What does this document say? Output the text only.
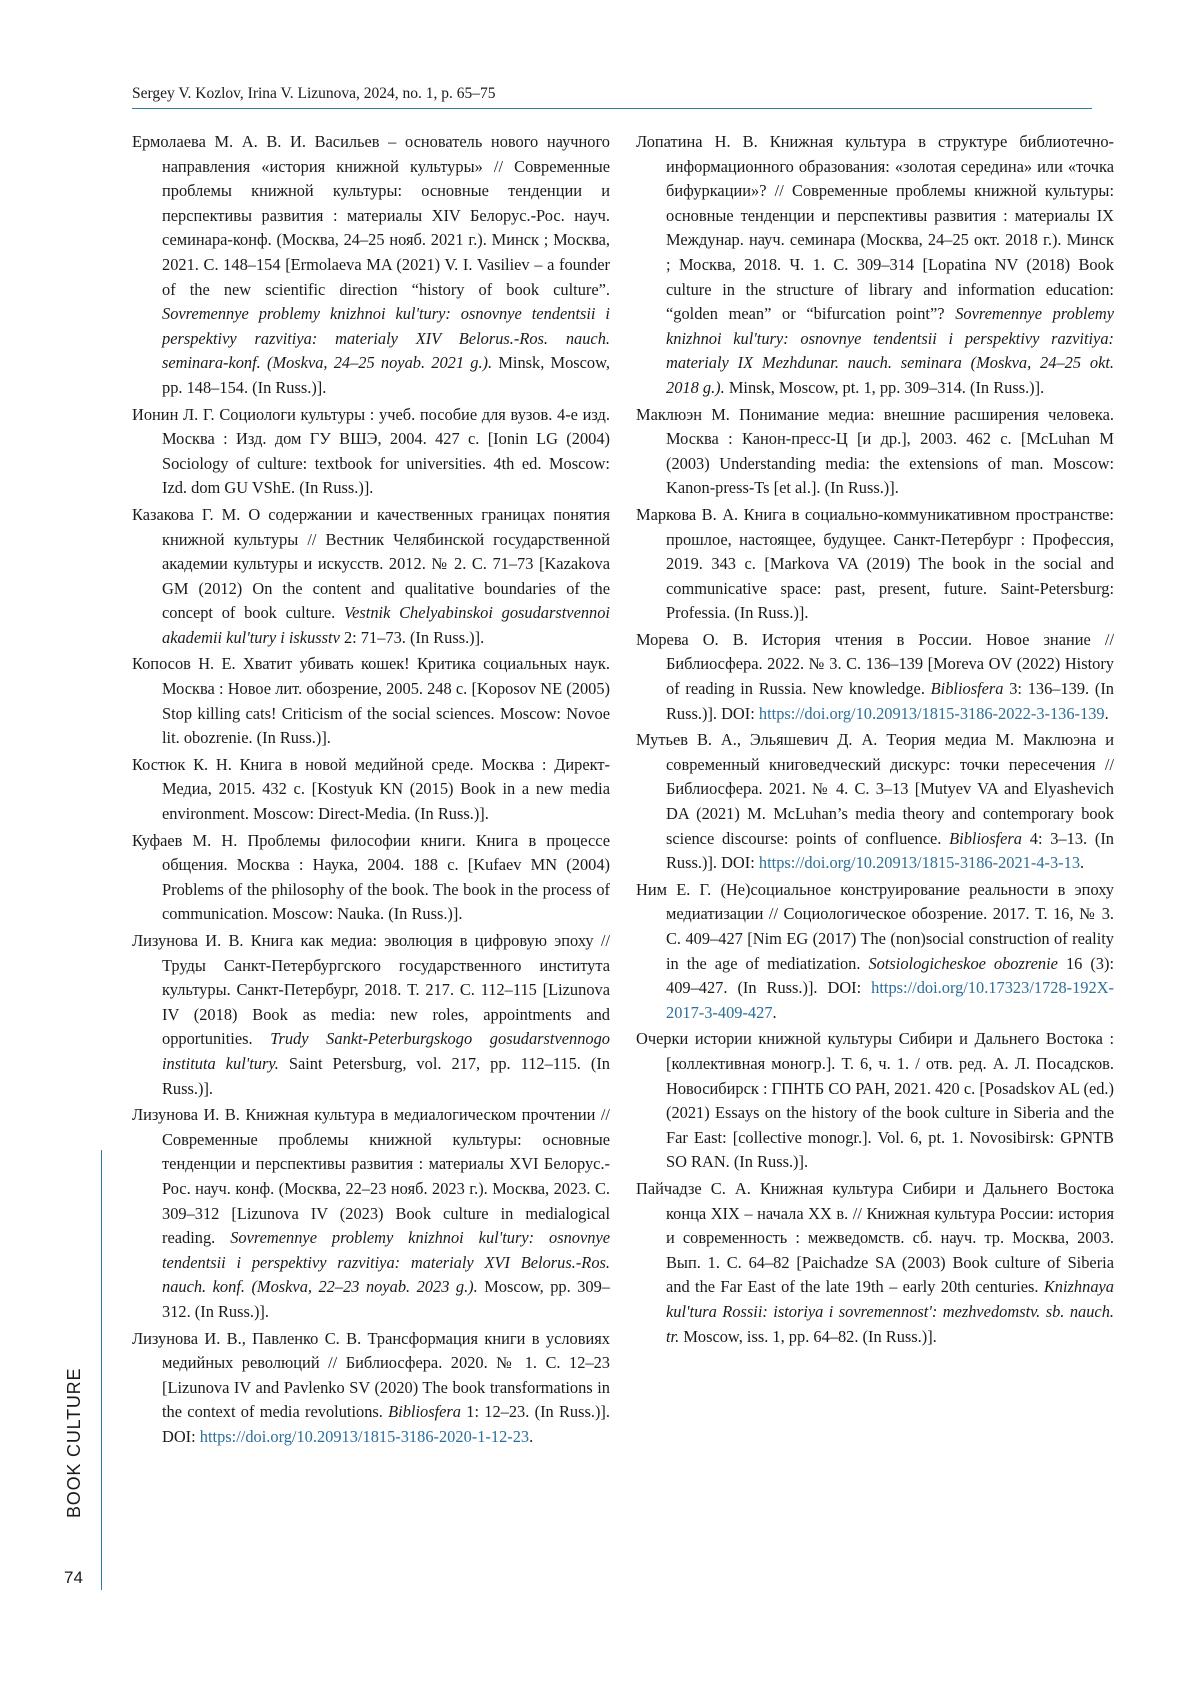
Sergey V. Kozlov, Irina V. Lizunova, 2024, no. 1, p. 65–75

Ермолаева М. А. В. И. Васильев – основатель нового научного направления «история книжной культуры» // Современные проблемы книжной культуры: основные тенденции и перспективы развития : материалы XIV Белорус.-Рос. науч. семинара-конф. (Москва, 24–25 нояб. 2021 г.). Минск ; Москва, 2021. С. 148–154 [Ermolaeva MA (2021) V. I. Vasiliev – a founder of the new scientific direction “history of book culture”. Sovremennye problemy knizhnoi kul'tury: osnovnye tendentsii i perspektivy razvitiya: materialy XIV Belorus.-Ros. nauch. seminara-konf. (Moskva, 24–25 noyab. 2021 g.). Minsk, Moscow, pp. 148–154. (In Russ.)].

Ионин Л. Г. Социологи культуры : учеб. пособие для вузов. 4-е изд. Москва : Изд. дом ГУ ВШЭ, 2004. 427 с. [Ionin LG (2004) Sociology of culture: textbook for universities. 4th ed. Moscow: Izd. dom GU VShE. (In Russ.)].

Казакова Г. М. О содержании и качественных границах понятия книжной культуры // Вестник Челябинской государственной академии культуры и искусств. 2012. № 2. С. 71–73 [Kazakova GM (2012) On the content and qualitative boundaries of the concept of book culture. Vestnik Chelyabinskoi gosudarstvennoi akademii kul'tury i iskusstv 2: 71–73. (In Russ.)].

Копосов Н. Е. Хватит убивать кошек! Критика социальных наук. Москва : Новое лит. обозрение, 2005. 248 с. [Koposov NE (2005) Stop killing cats! Criticism of the social sciences. Moscow: Novoe lit. obozrenie. (In Russ.)].

Костюк К. Н. Книга в новой медийной среде. Москва : Директ-Медиа, 2015. 432 с. [Kostyuk KN (2015) Book in a new media environment. Moscow: Direct-Media. (In Russ.)].

Куфаев М. Н. Проблемы философии книги. Книга в процессе общения. Москва : Наука, 2004. 188 с. [Kufaev MN (2004) Problems of the philosophy of the book. The book in the process of communication. Moscow: Nauka. (In Russ.)].

Лизунова И. В. Книга как медиа: эволюция в цифровую эпоху // Труды Санкт-Петербургского государственного института культуры. Санкт-Петербург, 2018. Т. 217. С. 112–115 [Lizunova IV (2018) Book as media: new roles, appointments and opportunities. Trudy Sankt-Peterburgskogo gosudarstvennogo instituta kul'tury. Saint Petersburg, vol. 217, pp. 112–115. (In Russ.)].

Лизунова И. В. Книжная культура в медиалогическом прочтении // Современные проблемы книжной культуры: основные тенденции и перспективы развития : материалы XVI Белорус.-Рос. науч. конф. (Москва, 22–23 нояб. 2023 г.). Москва, 2023. С. 309–312 [Lizunova IV (2023) Book culture in medialogical reading. Sovremennye problemy knizhnoi kul'tury: osnovnye tendentsii i perspektivy razvitiya: materialy XVI Belorus.-Ros. nauch. konf. (Moskva, 22–23 noyab. 2023 g.). Moscow, pp. 309–312. (In Russ.)].

Лизунова И. В., Павленко С. В. Трансформация книги в условиях медийных революций // Библиосфера. 2020. № 1. С. 12–23 [Lizunova IV and Pavlenko SV (2020) The book transformations in the context of media revolutions. Bibliosfera 1: 12–23. (In Russ.)]. DOI: https://doi.org/10.20913/1815-3186-2020-1-12-23.

Лопатина Н. В. Книжная культура в структуре библиотечно-информационного образования: «золотая середина» или «точка бифуркации»? // Современные проблемы книжной культуры: основные тенденции и перспективы развития : материалы IX Междунар. науч. семинара (Москва, 24–25 окт. 2018 г.). Минск ; Москва, 2018. Ч. 1. С. 309–314 [Lopatina NV (2018) Book culture in the structure of library and information education: “golden mean” or “bifurcation point”? Sovremennye problemy knizhnoi kul'tury: osnovnye tendentsii i perspektivy razvitiya: materialy IX Mezhdunar. nauch. seminara (Moskva, 24–25 okt. 2018 g.). Minsk, Moscow, pt. 1, pp. 309–314. (In Russ.)].

Маклюэн М. Понимание медиа: внешние расширения человека. Москва : Канон-пресс-Ц [и др.], 2003. 462 с. [McLuhan M (2003) Understanding media: the extensions of man. Moscow: Kanon-press-Ts [et al.]. (In Russ.)].

Маркова В. А. Книга в социально-коммуникативном пространстве: прошлое, настоящее, будущее. Санкт-Петербург : Профессия, 2019. 343 с. [Markova VA (2019) The book in the social and communicative space: past, present, future. Saint-Petersburg: Professia. (In Russ.)].

Морева О. В. История чтения в России. Новое знание // Библиосфера. 2022. № 3. С. 136–139 [Moreva OV (2022) History of reading in Russia. New knowledge. Bibliosfera 3: 136–139. (In Russ.)]. DOI: https://doi.org/10.20913/1815-3186-2022-3-136-139.

Мутьев В. А., Эльяшевич Д. А. Теория медиа М. Маклюэна и современный книговедческий дискурс: точки пересечения // Библиосфера. 2021. № 4. С. 3–13 [Mutyev VA and Elyashevich DA (2021) M. McLuhan’s media theory and contemporary book science discourse: points of confluence. Bibliosfera 4: 3–13. (In Russ.)]. DOI: https://doi.org/10.20913/1815-3186-2021-4-3-13.

Ним Е. Г. (Не)социальное конструирование реальности в эпоху медиатизации // Социологическое обозрение. 2017. Т. 16, № 3. С. 409–427 [Nim EG (2017) The (non)social construction of reality in the age of mediatization. Sotsiologicheskoe obozrenie 16 (3): 409–427. (In Russ.)]. DOI: https://doi.org/10.17323/1728-192X-2017-3-409-427.

Очерки истории книжной культуры Сибири и Дальнего Востока : [коллективная моногр.]. Т. 6, ч. 1. / отв. ред. А. Л. Посадсков. Новосибирск : ГПНТБ СО РАН, 2021. 420 с. [Posadskov AL (ed.) (2021) Essays on the history of the book culture in Siberia and the Far East: [collective monogr.]. Vol. 6, pt. 1. Novosibirsk: GPNTB SO RAN. (In Russ.)].

Пайчадзе С. А. Книжная культура Сибири и Дальнего Востока конца XIX – начала XX в. // Книжная культура России: история и современность : межведомств. сб. науч. тр. Москва, 2003. Вып. 1. С. 64–82 [Paichadze SA (2003) Book culture of Siberia and the Far East of the late 19th – early 20th centuries. Knizhnaya kul'tura Rossii: istoriya i sovremennost': mezhvedomstv. sb. nauch. tr. Moscow, iss. 1, pp. 64–82. (In Russ.)].

BOOK CULTURE
74
